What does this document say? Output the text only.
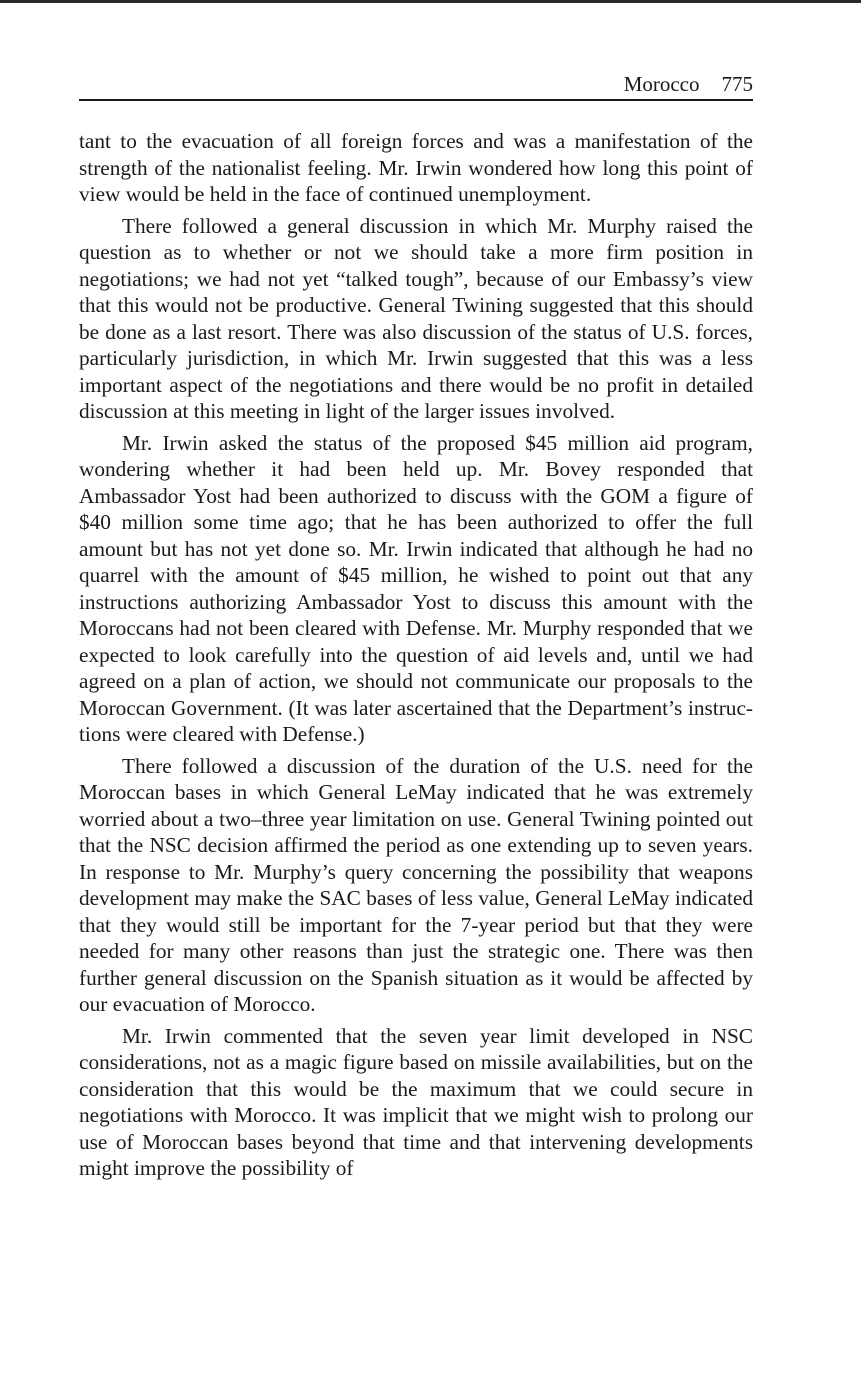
Morocco 775

tant to the evacuation of all foreign forces and was a manifestation of the strength of the nationalist feeling. Mr. Irwin wondered how long this point of view would be held in the face of continued unemployment.

There followed a general discussion in which Mr. Murphy raised the question as to whether or not we should take a more firm position in negotiations; we had not yet “talked tough”, because of our Embassy’s view that this would not be productive. General Twining suggested that this should be done as a last resort. There was also discussion of the status of U.S. forces, particularly jurisdiction, in which Mr. Irwin suggested that this was a less important aspect of the negotiations and there would be no profit in detailed discussion at this meeting in light of the larger issues involved.

Mr. Irwin asked the status of the proposed $45 million aid program, wondering whether it had been held up. Mr. Bovey responded that Ambassador Yost had been authorized to discuss with the GOM a figure of $40 million some time ago; that he has been authorized to offer the full amount but has not yet done so. Mr. Irwin indicated that although he had no quarrel with the amount of $45 million, he wished to point out that any instructions authorizing Ambassador Yost to discuss this amount with the Moroccans had not been cleared with Defense. Mr. Murphy responded that we expected to look carefully into the question of aid levels and, until we had agreed on a plan of action, we should not communicate our proposals to the Moroccan Government. (It was later ascertained that the Department’s instructions were cleared with Defense.)

There followed a discussion of the duration of the U.S. need for the Moroccan bases in which General LeMay indicated that he was extremely worried about a two–three year limitation on use. General Twining pointed out that the NSC decision affirmed the period as one extending up to seven years. In response to Mr. Murphy’s query concerning the possibility that weapons development may make the SAC bases of less value, General LeMay indicated that they would still be important for the 7-year period but that they were needed for many other reasons than just the strategic one. There was then further general discussion on the Spanish situation as it would be affected by our evacuation of Morocco.

Mr. Irwin commented that the seven year limit developed in NSC considerations, not as a magic figure based on missile availabilities, but on the consideration that this would be the maximum that we could secure in negotiations with Morocco. It was implicit that we might wish to prolong our use of Moroccan bases beyond that time and that intervening developments might improve the possibility of
